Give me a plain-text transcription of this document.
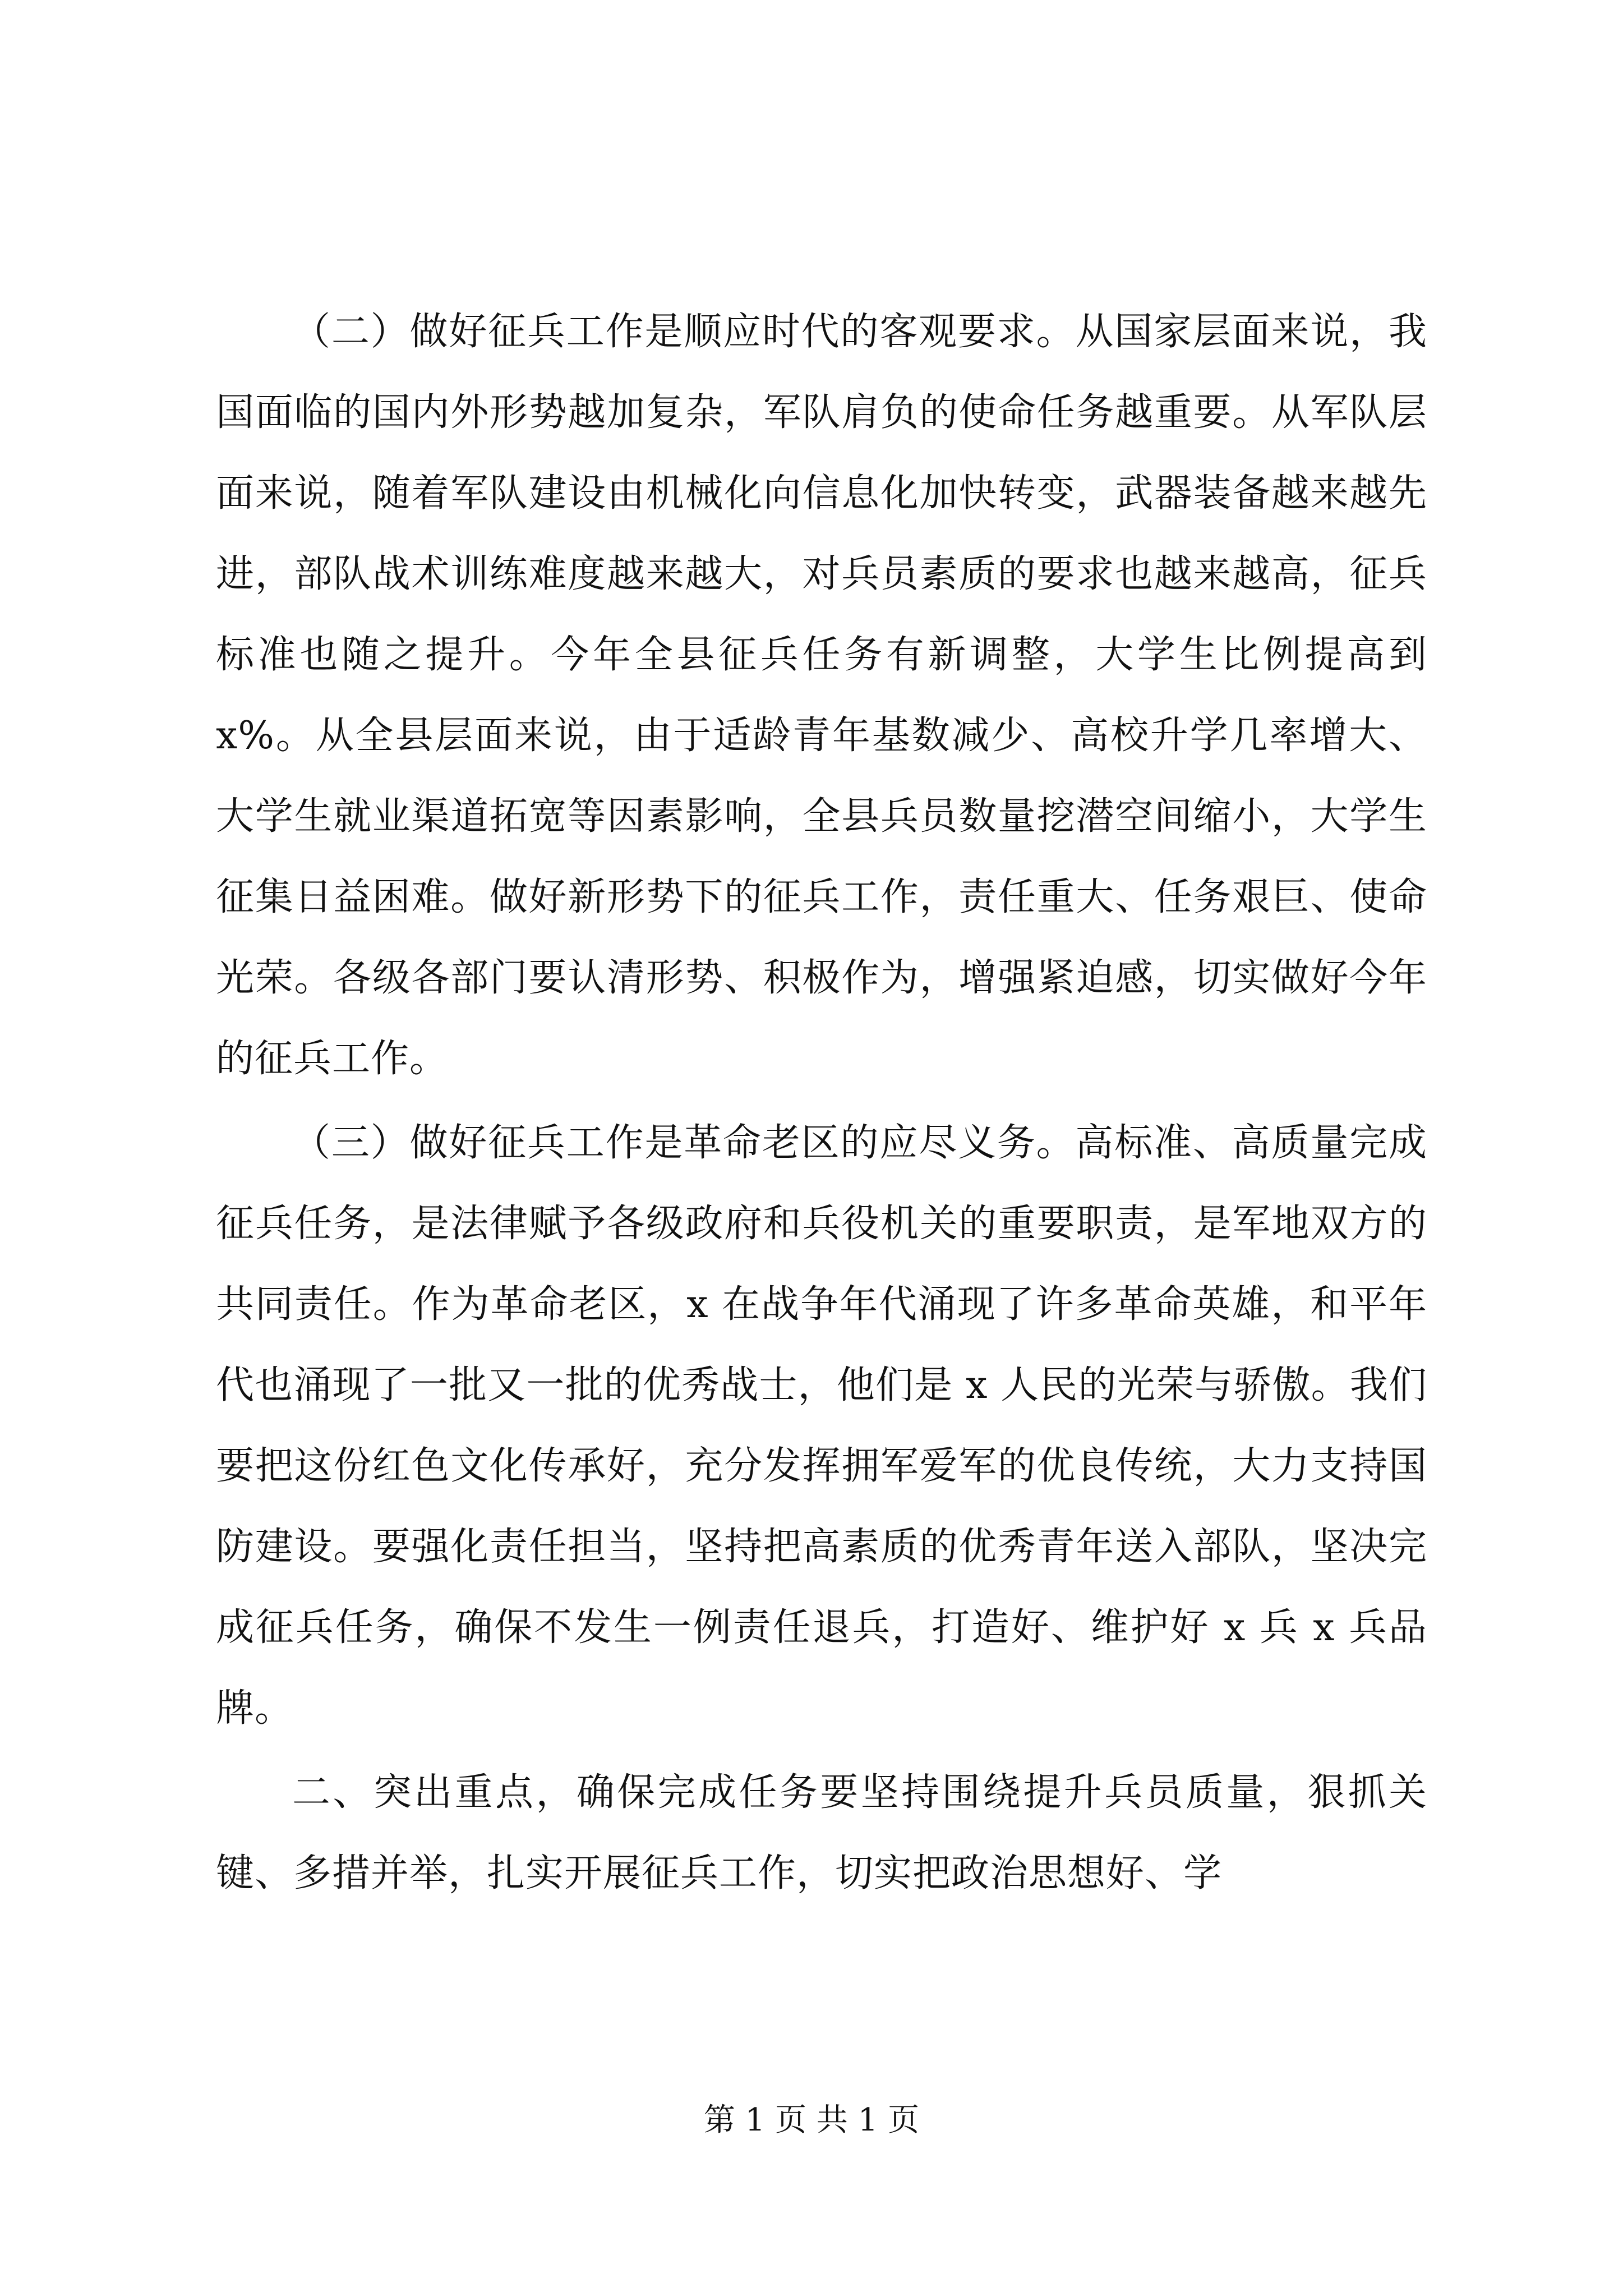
（二）做好征兵工作是顺应时代的客观要求。从国家层面来说，我国面临的国内外形势越加复杂，军队肩负的使命任务越重要。从军队层面来说，随着军队建设由机械化向信息化加快转变，武器装备越来越先进，部队战术训练难度越来越大，对兵员素质的要求也越来越高，征兵标准也随之提升。今年全县征兵任务有新调整，大学生比例提高到 x%。从全县层面来说，由于适龄青年基数减少、高校升学几率增大、大学生就业渠道拓宽等因素影响，全县兵员数量挖潜空间缩小，大学生征集日益困难。做好新形势下的征兵工作，责任重大、任务艰巨、使命光荣。各级各部门要认清形势、积极作为，增强紧迫感，切实做好今年的征兵工作。

（三）做好征兵工作是革命老区的应尽义务。高标准、高质量完成征兵任务，是法律赋予各级政府和兵役机关的重要职责，是军地双方的共同责任。作为革命老区，x 在战争年代涌现了许多革命英雄，和平年代也涌现了一批又一批的优秀战士，他们是 x 人民的光荣与骄傲。我们要把这份红色文化传承好，充分发挥拥军爱军的优良传统，大力支持国防建设。要强化责任担当，坚持把高素质的优秀青年送入部队，坚决完成征兵任务，确保不发生一例责任退兵，打造好、维护好 x 兵 x 兵品牌。

二、突出重点，确保完成任务要坚持围绕提升兵员质量，狠抓关键、多措并举，扎实开展征兵工作，切实把政治思想好、学

第 1 页 共 1 页
